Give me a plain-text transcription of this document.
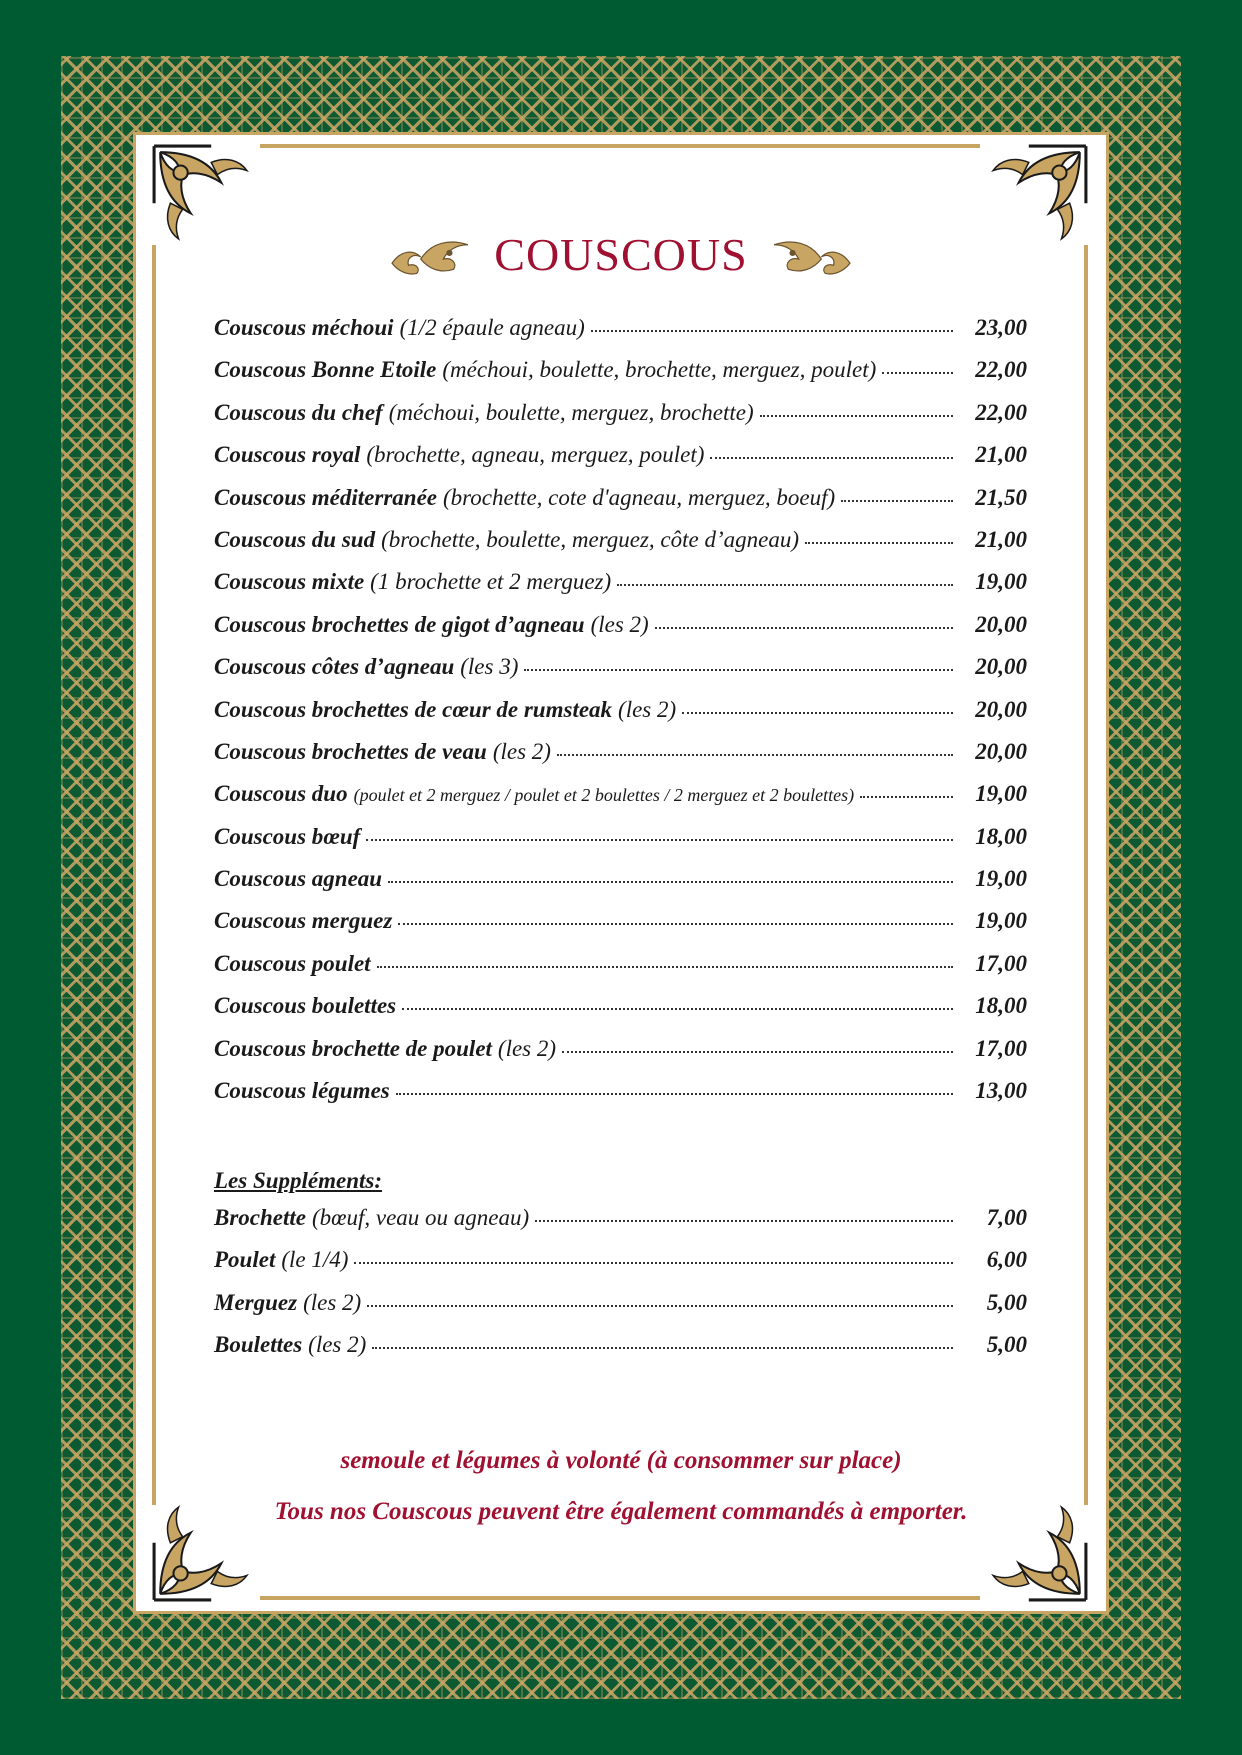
COUSCOUS
Couscous méchoui (1/2 épaule agneau)	23,00
Couscous Bonne Etoile (méchoui, boulette, brochette, merguez, poulet)	22,00
Couscous du chef (méchoui, boulette, merguez, brochette)	22,00
Couscous royal (brochette, agneau, merguez, poulet)	21,00
Couscous méditerranée (brochette, cote d'agneau, merguez, boeuf)	21,50
Couscous du sud (brochette, boulette, merguez, côte d’agneau)	21,00
Couscous mixte (1 brochette et 2 merguez)	19,00
Couscous brochettes de gigot d’agneau (les 2)	20,00
Couscous côtes d’agneau (les 3)	20,00
Couscous brochettes de cœur de rumsteak (les 2)	20,00
Couscous brochettes de veau (les 2)	20,00
Couscous duo (poulet et 2 merguez / poulet et 2 boulettes / 2 merguez et 2 boulettes)	19,00
Couscous bœuf	18,00
Couscous agneau	19,00
Couscous merguez	19,00
Couscous poulet	17,00
Couscous boulettes	18,00
Couscous brochette de poulet (les 2)	17,00
Couscous légumes	13,00
Les Suppléments:
Brochette (bœuf, veau ou agneau)	7,00
Poulet (le 1/4)	6,00
Merguez (les 2)	5,00
Boulettes (les 2)	5,00
semoule et légumes à volonté (à consommer sur place)
Tous nos Couscous peuvent être également commandés à emporter.
